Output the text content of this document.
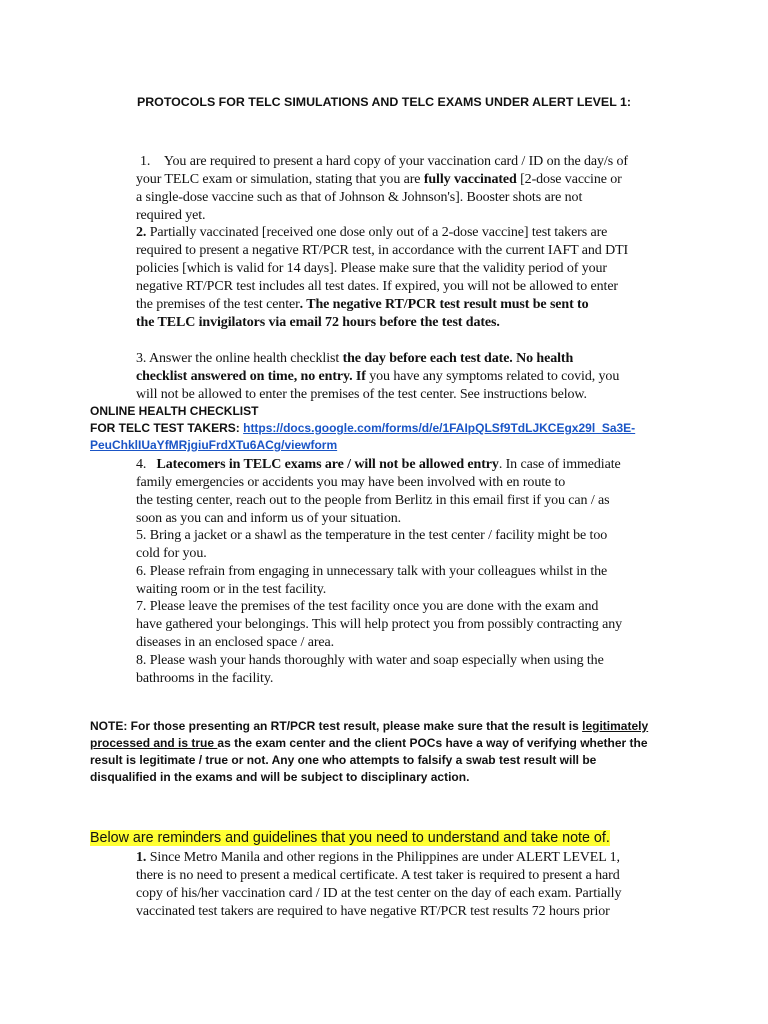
PROTOCOLS FOR TELC SIMULATIONS AND TELC EXAMS UNDER ALERT LEVEL 1:
1. You are required to present a hard copy of your vaccination card / ID on the day/s of
your TELC exam or simulation, stating that you are fully vaccinated [2-dose vaccine or
a single-dose vaccine such as that of Johnson & Johnson's]. Booster shots are not
required yet.
2. Partially vaccinated [received one dose only out of a 2-dose vaccine] test takers are
required to present a negative RT/PCR test, in accordance with the current IAFT and DTI
policies [which is valid for 14 days]. Please make sure that the validity period of your
negative RT/PCR test includes all test dates. If expired, you will not be allowed to enter
the premises of the test center. The negative RT/PCR test result must be sent to
the TELC invigilators via email 72 hours before the test dates.
3. Answer the online health checklist the day before each test date. No health
checklist answered on time, no entry. If you have any symptoms related to covid, you
will not be allowed to enter the premises of the test center. See instructions below.
ONLINE HEALTH CHECKLIST
FOR TELC TEST TAKERS: https://docs.google.com/forms/d/e/1FAIpQLSf9TdLJKCEgx29l_Sa3E-
PeuChklIUaYfMRjgiuFrdXTu6ACg/viewform
4. Latecomers in TELC exams are / will not be allowed entry. In case of immediate
family emergencies or accidents you may have been involved with en route to
the testing center, reach out to the people from Berlitz in this email first if you can / as
soon as you can and inform us of your situation.
5. Bring a jacket or a shawl as the temperature in the test center / facility might be too
cold for you.
6. Please refrain from engaging in unnecessary talk with your colleagues whilst in the
waiting room or in the test facility.
7. Please leave the premises of the test facility once you are done with the exam and
have gathered your belongings. This will help protect you from possibly contracting any
diseases in an enclosed space / area.
8. Please wash your hands thoroughly with water and soap especially when using the
bathrooms in the facility.
NOTE: For those presenting an RT/PCR test result, please make sure that the result is legitimately
processed and is true as the exam center and the client POCs have a way of verifying whether the
result is legitimate / true or not. Any one who attempts to falsify a swab test result will be
disqualified in the exams and will be subject to disciplinary action.
Below are reminders and guidelines that you need to understand and take note of.
1. Since Metro Manila and other regions in the Philippines are under ALERT LEVEL 1,
there is no need to present a medical certificate. A test taker is required to present a hard
copy of his/her vaccination card / ID at the test center on the day of each exam. Partially
vaccinated test takers are required to have negative RT/PCR test results 72 hours prior
